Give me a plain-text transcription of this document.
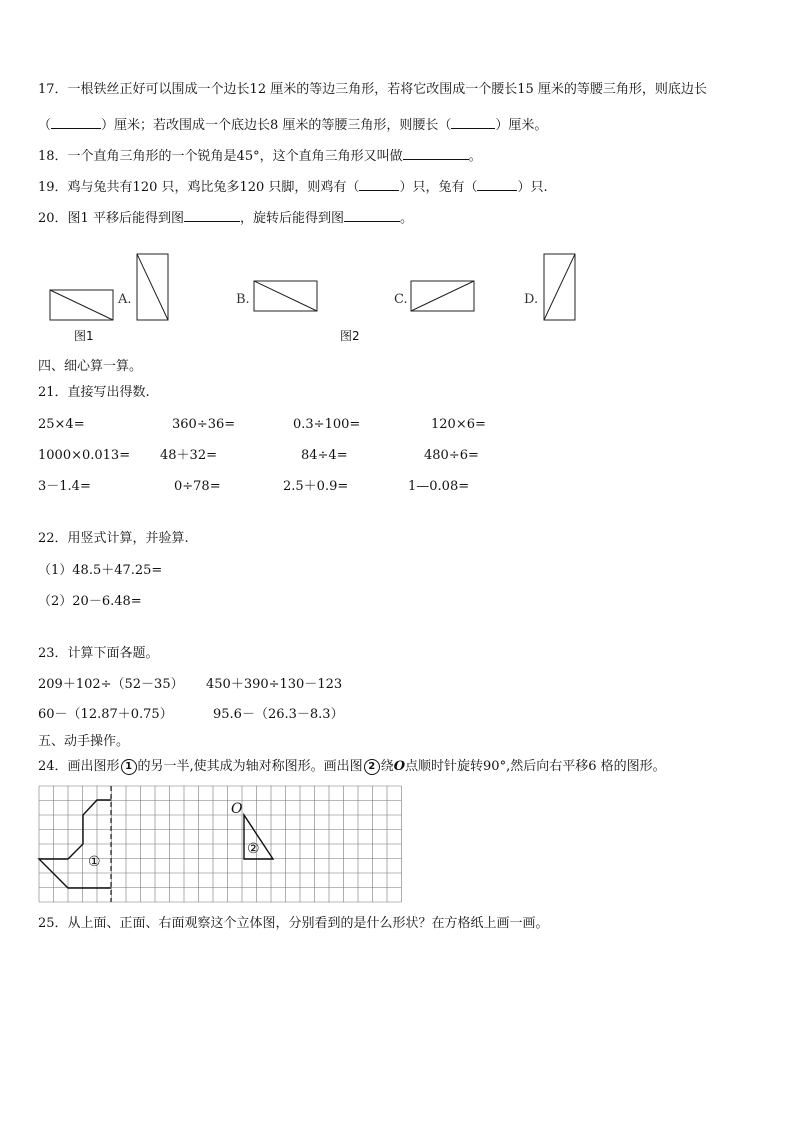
17．一根铁丝正好可以围成一个边长12 厘米的等边三角形，若将它改围成一个腰长15 厘米的等腰三角形，则底边长
（	）厘米；若改围成一个底边长8 厘米的等腰三角形，则腰长（	）厘米。
18．一个直角三角形的一个锐角是45°，这个直角三角形又叫做	。
19．鸡与兔共有120 只，鸡比兔多120 只脚，则鸡有（	）只，兔有（	）只.
20．图1 平移后能得到图	，旋转后能得到图	。
A.	B.	C.	D.
图1	图2
四、细心算一算。
21．直接写出得数.
25×4=	360÷36=	0.3÷100=	120×6=
1000×0.013= 48＋32=	84÷4=	480÷6=
3－1.4=	0÷78=	2.5＋0.9=	1—0.08=
22．用竖式计算，并验算.
（1）48.5＋47.25=
（2）20－6.48=
23．计算下面各题。
209＋102÷（52－35） 450＋390÷130－123
60－（12.87＋0.75）	95.6－（26.3－8.3）
五、动手操作。
24．画出图形 1 的另一半,使其成为轴对称图形。画出图 2 绕O点顺时针旋转90°,然后向右平移6 格的图形。
O
①
②
25．从上面、正面、右面观察这个立体图，分别看到的是什么形状？在方格纸上画一画。
